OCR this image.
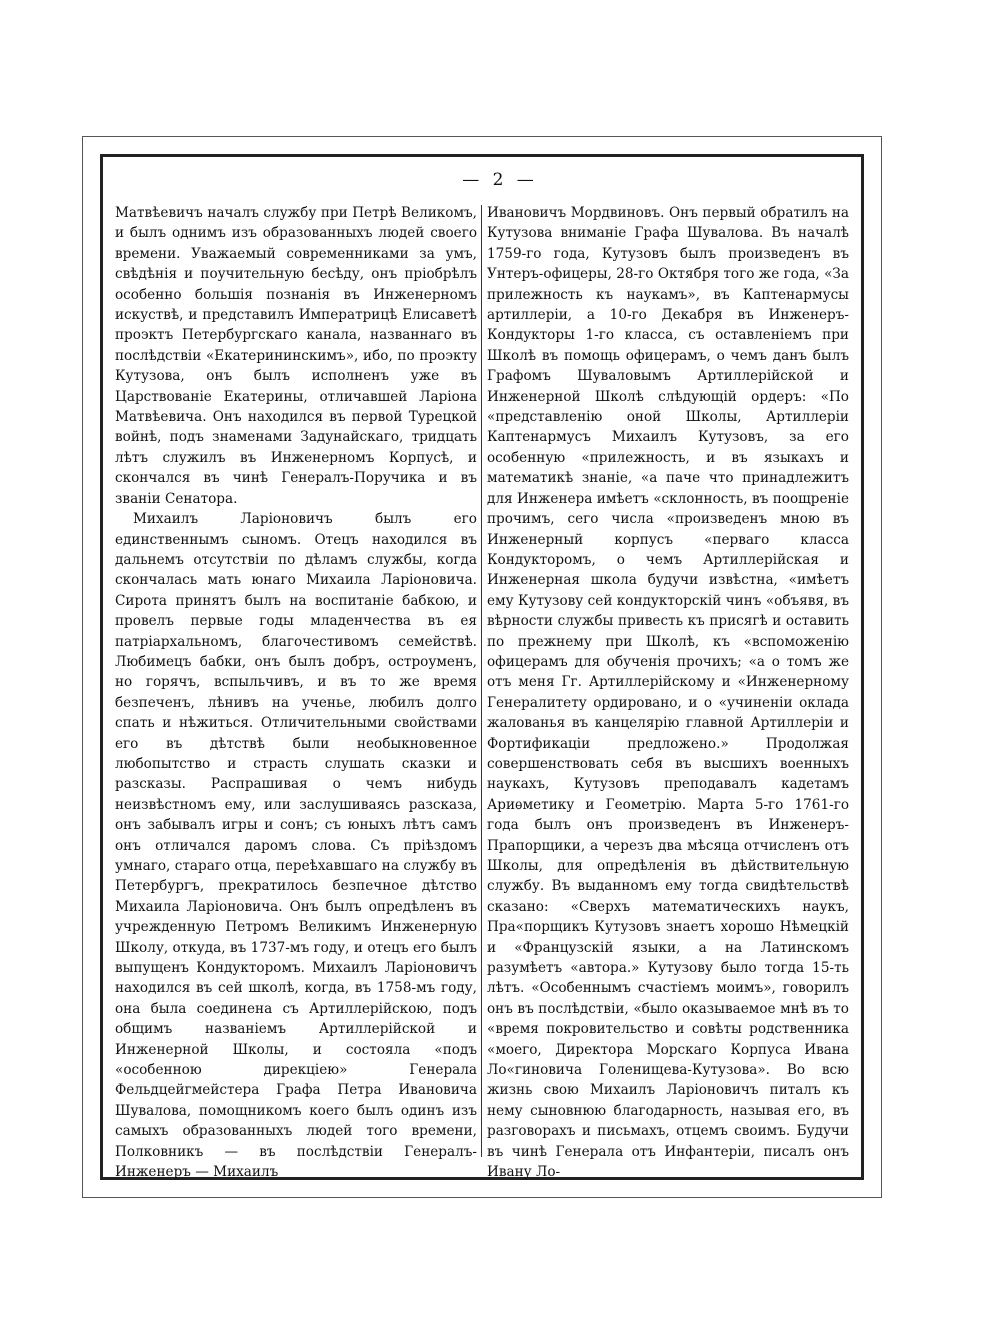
— 2 —

Матвѣевичъ началъ службу при Петрѣ Великомъ, и былъ однимъ изъ образованныхъ людей своего времени. Уважаемый современниками за умъ, свѣдѣнія и поучительную бесѣду, онъ пріобрѣлъ особенно большія познанія въ Инженерномъ искуствѣ, и представилъ Императрицѣ Елисаветѣ проэктъ Петербургскаго канала, названнаго въ послѣдствіи «Екатерининскимъ», ибо, по проэкту Кутузова, онъ былъ исполненъ уже въ Царствованіе Екатерины, отличавшей Ларіона Матвѣевича. Онъ находился въ первой Турецкой войнѣ, подъ знаменами Задунайскаго, тридцать лѣтъ служилъ въ Инженерномъ Корпусѣ, и скончался въ чинѣ Генералъ-Поручика и въ званіи Сенатора.

Михаилъ Ларіоновичъ былъ его единственнымъ сыномъ. Отецъ находился въ дальнемъ отсутствіи по дѣламъ службы, когда скончалась мать юнаго Михаила Ларіоновича. Сирота принятъ былъ на воспитаніе бабкою, и провелъ первые годы младенчества въ ея патріархальномъ, благочестивомъ семействѣ. Любимецъ бабки, онъ былъ добръ, остроуменъ, но горячъ, вспыльчивъ, и въ то же время безпеченъ, лѣнивъ на ученье, любилъ долго спать и нѣжиться. Отличительными свойствами его въ дѣтствѣ были необыкновенное любопытство и страсть слушать сказки и разсказы. Распрашивая о чемъ нибудь неизвѣстномъ ему, или заслушиваясь разсказа, онъ забывалъ игры и сонъ; съ юныхъ лѣтъ самъ онъ отличался даромъ слова. Съ пріѣздомъ умнаго, стараго отца, переѣхавшаго на службу въ Петербургъ, прекратилось безпечное дѣтство Михаила Ларіоновича. Онъ былъ опредѣленъ въ учрежденную Петромъ Великимъ Инженерную Школу, откуда, въ 1737-мъ году, и отецъ его былъ выпущенъ Кондукторомъ. Михаилъ Ларіоновичъ находился въ сей школѣ, когда, въ 1758-мъ году, она была соединена съ Артиллерійскою, подъ общимъ названіемъ Артиллерійской и Инженерной Школы, и состояла «подъ «особенною дирекціею» Генерала Фельдцейгмейстера Графа Петра Ивановича Шувалова, помощникомъ коего былъ одинъ изъ самыхъ образованныхъ людей того времени, Полковникъ — въ послѣдствіи Генералъ-Инженеръ — Михаилъ

Ивановичъ Мордвиновъ. Онъ первый обратилъ на Кутузова вниманіе Графа Шувалова. Въ началѣ 1759-го года, Кутузовъ былъ произведенъ въ Унтеръ-офицеры, 28-го Октября того же года, «За прилежность къ наукамъ», въ Каптенармусы артиллеріи, а 10-го Декабря въ Инженеръ-Кондукторы 1-го класса, съ оставленіемъ при Школѣ въ помощь офицерамъ, о чемъ данъ былъ Графомъ Шуваловымъ Артиллерійской и Инженерной Школѣ слѣдующій ордеръ: «По «представленію оной Школы, Артиллеріи Каптенармусъ Михаилъ Кутузовъ, за его особенную «прилежность, и въ языкахъ и математикѣ знаніе, «а паче что принадлежитъ для Инженера имѣетъ «склонность, въ поощреніе прочимъ, сего числа «произведенъ мною въ Инженерный корпусъ «перваго класса Кондукторомъ, о чемъ Артиллерійская и Инженерная школа будучи извѣстна, «имѣетъ ему Кутузову сей кондукторскій чинъ «объявя, въ вѣрности службы привесть къ присягѣ и оставить по прежнему при Школѣ, къ «вспоможенію офицерамъ для обученія прочихъ; «а о томъ же отъ меня Гг. Артиллерійскому и «Инженерному Генералитету ордировано, и о «учиненіи оклада жалованья въ канцелярію главной Артиллеріи и Фортификаціи предложено.» Продолжая совершенствовать себя въ высшихъ военныхъ наукахъ, Кутузовъ преподавалъ кадетамъ Ариѳметику и Геометрію. Марта 5-го 1761-го года былъ онъ произведенъ въ Инженеръ-Прапорщики, а черезъ два мѣсяца отчисленъ отъ Школы, для опредѣленія въ дѣйствительную службу. Въ выданномъ ему тогда свидѣтельствѣ сказано: «Сверхъ математическихъ наукъ, Пра«порщикъ Кутузовъ знаетъ хорошо Нѣмецкій и «Французскій языки, а на Латинскомъ разумѣетъ «автора.» Кутузову было тогда 15-ть лѣтъ. «Особеннымъ счастіемъ моимъ», говорилъ онъ въ послѣдствіи, «было оказываемое мнѣ въ то «время покровительство и совѣты родственника «моего, Директора Морскаго Корпуса Ивана Ло«гиновича Голенищева-Кутузова». Во всю жизнь свою Михаилъ Ларіоновичъ питалъ къ нему сыновнюю благодарность, называя его, въ разговорахъ и письмахъ, отцемъ своимъ. Будучи въ чинѣ Генерала отъ Инфантеріи, писалъ онъ Ивану Ло-
